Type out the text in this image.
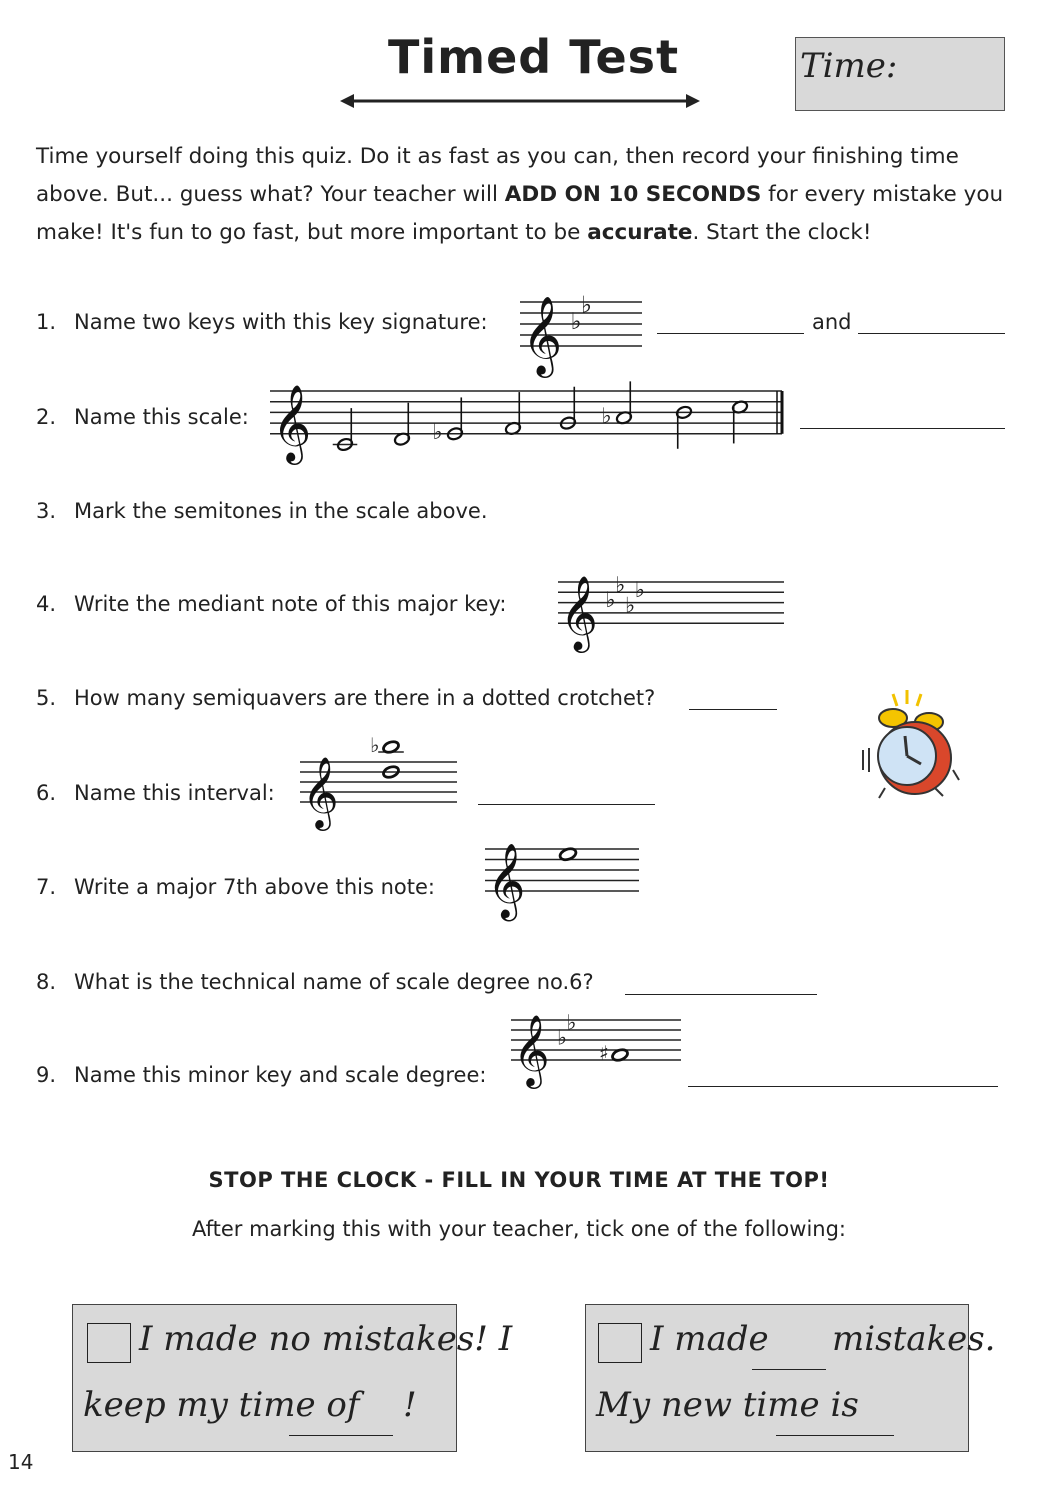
Timed Test	Time:
Time yourself doing this quiz. Do it as fast as you can, then record your finishing time above. But... guess what? Your teacher will ADD ON 10 SECONDS for every mistake you make! It's fun to go fast, but more important to be accurate. Start the clock!
1. Name two keys with this key signature:	and
2. Name this scale:
3. Mark the semitones in the scale above.
4. Write the mediant note of this major key:
5. How many semiquavers are there in a dotted crotchet?
6. Name this interval:
7. Write a major 7th above this note:
8. What is the technical name of scale degree no.6?
9. Name this minor key and scale degree:
𝄞 ♭
♭
𝄞	♭
♭
𝄞 ♭
♭
♭
♭
𝄞
♭
𝄞
𝄞 ♭
♭
♯
STOP THE CLOCK - FILL IN YOUR TIME AT THE TOP!
After marking this with your teacher, tick one of the following:
I made no mistakes! I
keep my time of !
I made mistakes.
My new time is
14
